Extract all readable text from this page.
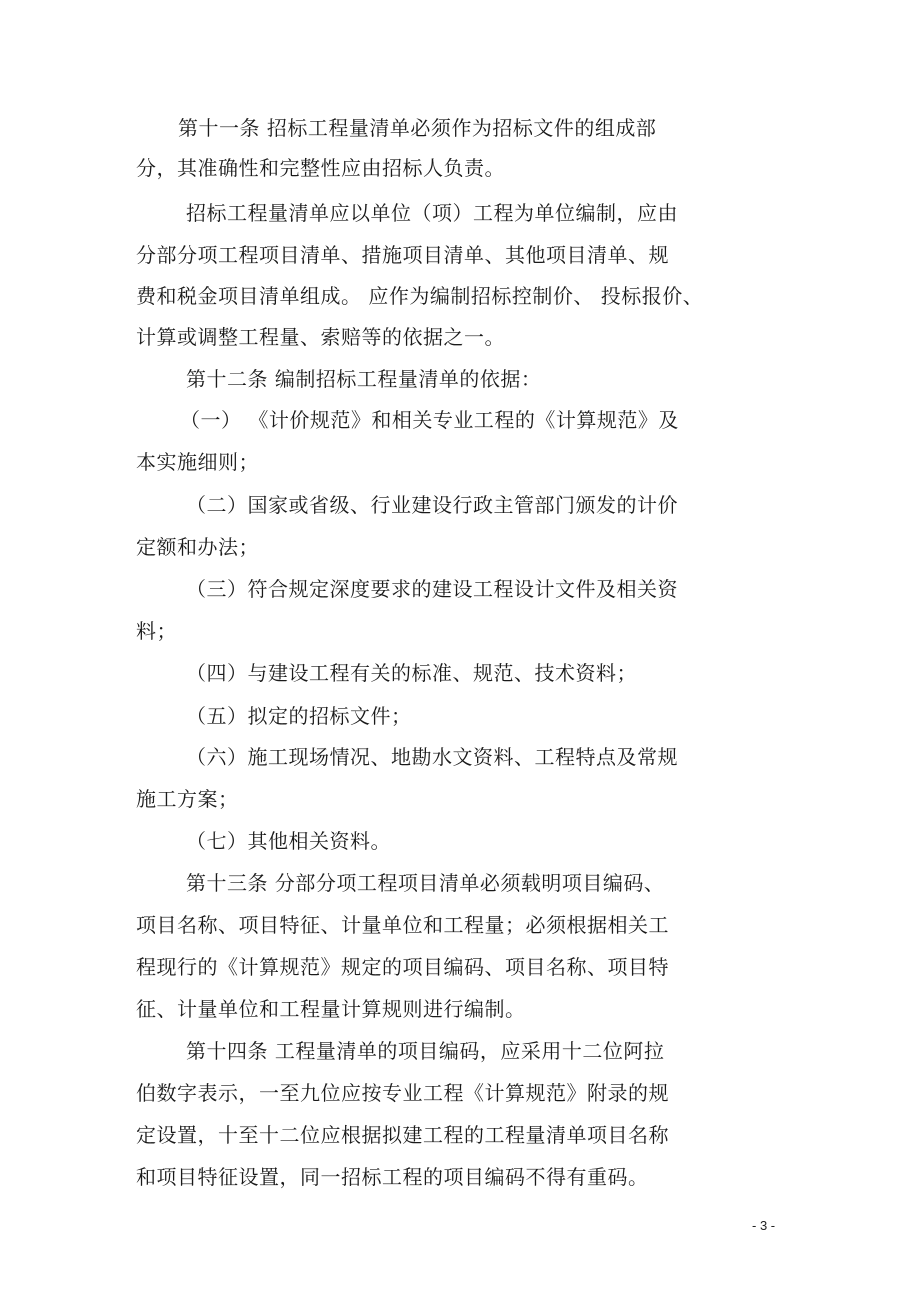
第十一条 招标工程量清单必须作为招标文件的组成部
分，其准确性和完整性应由招标人负责。
招标工程量清单应以单位（项）工程为单位编制，应由
分部分项工程项目清单、措施项目清单、其他项目清单、规
费和税金项目清单组成。 应作为编制招标控制价、 投标报价、
计算或调整工程量、索赔等的依据之一。
第十二条 编制招标工程量清单的依据：
（一） 《计价规范》和相关专业工程的《计算规范》及
本实施细则；
（二）国家或省级、行业建设行政主管部门颁发的计价
定额和办法；
（三）符合规定深度要求的建设工程设计文件及相关资
料；
（四）与建设工程有关的标准、规范、技术资料；
（五）拟定的招标文件；
（六）施工现场情况、地勘水文资料、工程特点及常规
施工方案；
（七）其他相关资料。
第十三条 分部分项工程项目清单必须载明项目编码、
项目名称、项目特征、计量单位和工程量；必须根据相关工
程现行的《计算规范》规定的项目编码、项目名称、项目特
征、计量单位和工程量计算规则进行编制。
第十四条 工程量清单的项目编码，应采用十二位阿拉
伯数字表示，一至九位应按专业工程《计算规范》附录的规
定设置，十至十二位应根据拟建工程的工程量清单项目名称
和项目特征设置，同一招标工程的项目编码不得有重码。
- 3 -
